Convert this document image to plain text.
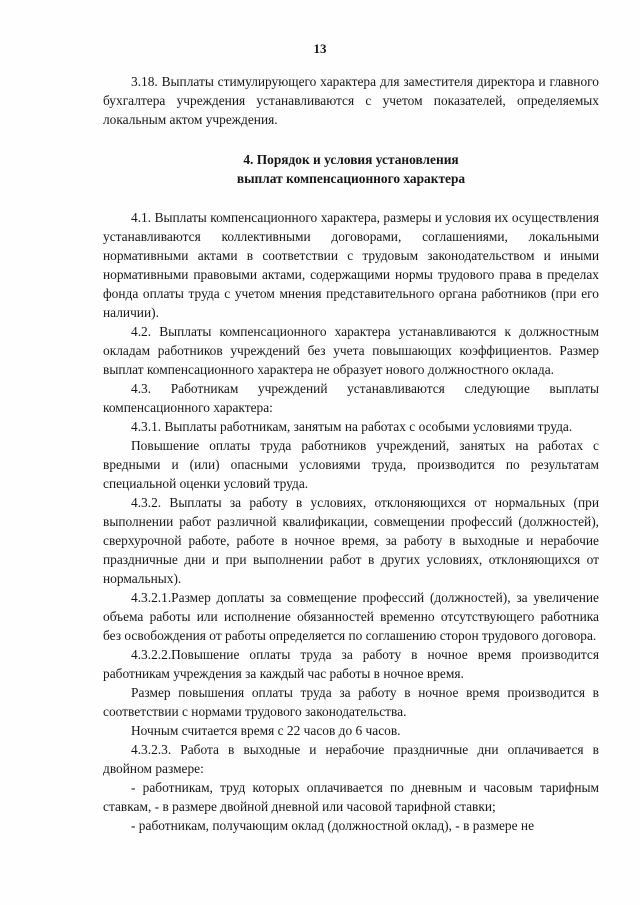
13

3.18. Выплаты стимулирующего характера для заместителя директора и главного бухгалтера учреждения устанавливаются с учетом показателей, определяемых локальным актом учреждения.

4. Порядок и условия установления
выплат компенсационного характера

4.1. Выплаты компенсационного характера, размеры и условия их осуществления устанавливаются коллективными договорами, соглашениями, локальными нормативными актами в соответствии с трудовым законодательством и иными нормативными правовыми актами, содержащими нормы трудового права в пределах фонда оплаты труда с учетом мнения представительного органа работников (при его наличии).

4.2. Выплаты компенсационного характера устанавливаются к должностным окладам работников учреждений без учета повышающих коэффициентов. Размер выплат компенсационного характера не образует нового должностного оклада.

4.3. Работникам учреждений устанавливаются следующие выплаты компенсационного характера:

4.3.1. Выплаты работникам, занятым на работах с особыми условиями труда.

Повышение оплаты труда работников учреждений, занятых на работах с вредными и (или) опасными условиями труда, производится по результатам специальной оценки условий труда.

4.3.2. Выплаты за работу в условиях, отклоняющихся от нормальных (при выполнении работ различной квалификации, совмещении профессий (должностей), сверхурочной работе, работе в ночное время, за работу в выходные и нерабочие праздничные дни и при выполнении работ в других условиях, отклоняющихся от нормальных).

4.3.2.1.Размер доплаты за совмещение профессий (должностей), за увеличение объема работы или исполнение обязанностей временно отсутствующего работника без освобождения от работы определяется по соглашению сторон трудового договора.

4.3.2.2.Повышение оплаты труда за работу в ночное время производится работникам учреждения за каждый час работы в ночное время.

Размер повышения оплаты труда за работу в ночное время производится в соответствии с нормами трудового законодательства.

Ночным считается время с 22 часов до 6 часов.

4.3.2.3. Работа в выходные и нерабочие праздничные дни оплачивается в двойном размере:

- работникам, труд которых оплачивается по дневным и часовым тарифным ставкам, - в размере двойной дневной или часовой тарифной ставки;

- работникам, получающим оклад (должностной оклад), - в размере не
